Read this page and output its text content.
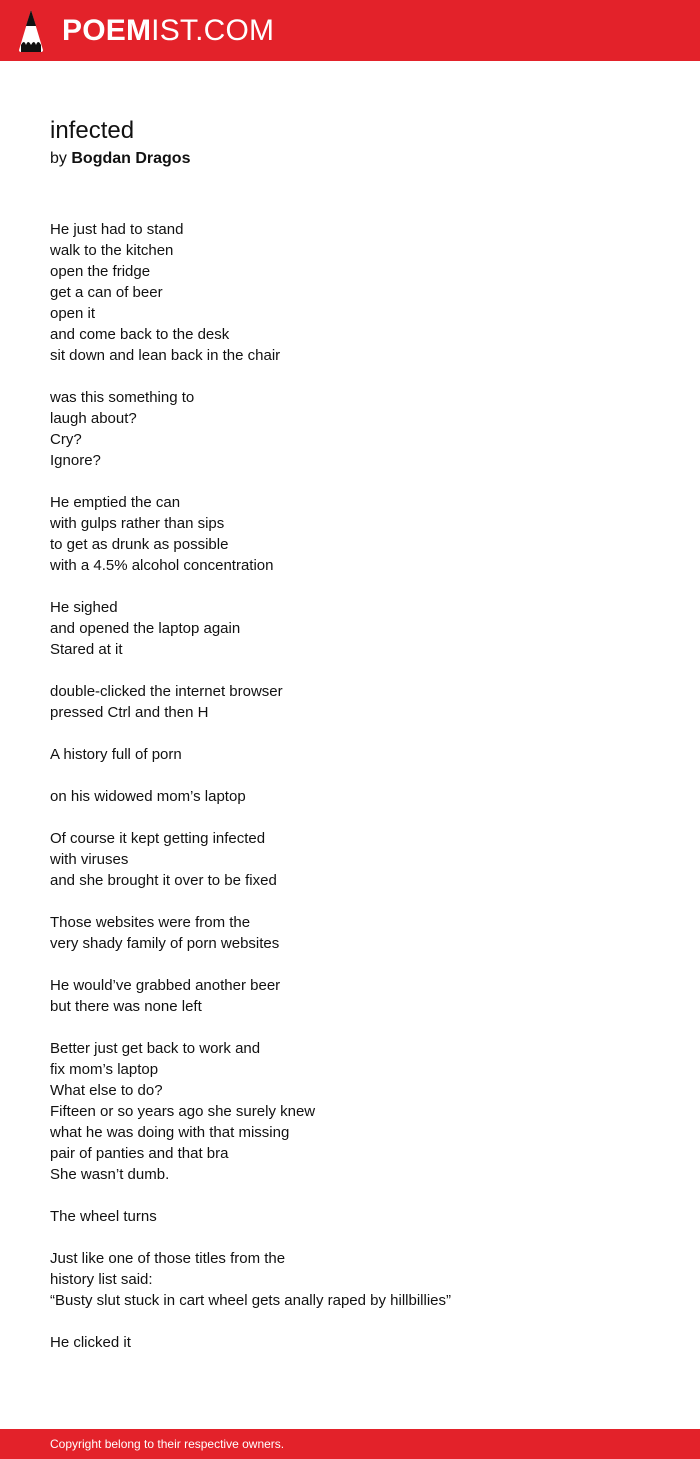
POEMIST.COM
infected
by Bogdan Dragos
He just had to stand
walk to the kitchen
open the fridge
get a can of beer
open it
and come back to the desk
sit down and lean back in the chair
was this something to
laugh about?
Cry?
Ignore?
He emptied the can
with gulps rather than sips
to get as drunk as possible
with a 4.5% alcohol concentration
He sighed
and opened the laptop again
Stared at it
double-clicked the internet browser
pressed Ctrl and then H
A history full of porn
on his widowed mom’s laptop
Of course it kept getting infected
with viruses
and she brought it over to be fixed
Those websites were from the
very shady family of porn websites
He would’ve grabbed another beer
but there was none left
Better just get back to work and
fix mom’s laptop
What else to do?
Fifteen or so years ago she surely knew
what he was doing with that missing
pair of panties and that bra
She wasn’t dumb.
The wheel turns
Just like one of those titles from the
history list said:
“Busty slut stuck in cart wheel gets anally raped by hillbillies”
He clicked it
Copyright belong to their respective owners.
